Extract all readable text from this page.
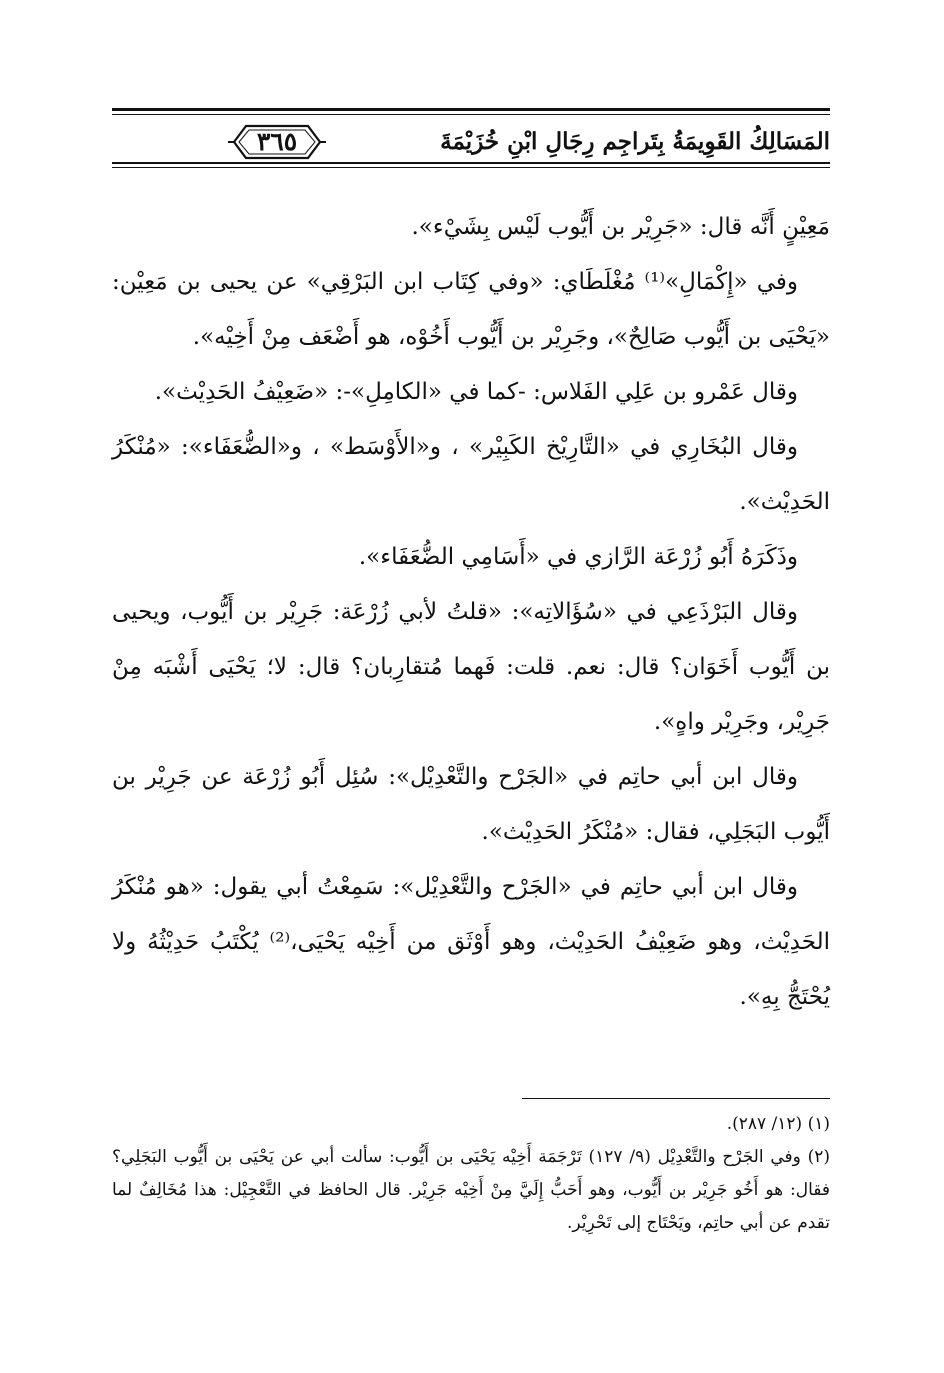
المَسَالِكُ القَوِيمَةُ بِتَراجِم رِجَالِ ابْنِ خُزَيْمَةَ
٣٦٥

مَعِيْنٍ أَنَّه قال: «جَرِيْر بن أَيُّوب لَيْس بِشَيْء».

وفي «إِكْمَالِ»⁽¹⁾ مُغْلَطَاي: «وفي كِتَاب ابن البَرْقِي» عن يحيى بن مَعِيْن: «يَحْيَى بن أَيُّوب صَالِحٌ»، وجَرِيْر بن أَيُّوب أَخُوْه، هو أَضْعَف مِنْ أَخِيْه».

وقال عَمْرو بن عَلِي الفَلاس: -كما في «الكامِلِ»-: «ضَعِيْفُ الحَدِيْث».

وقال البُخَارِي في «التَّارِيْخ الكَبِيْر» ، و«الأَوْسَط» ، و«الضُّعَفَاء»: «مُنْكَرُ الحَدِيْث».

وذَكَرَهُ أَبُو زُرْعَة الرَّازي في «أَسَامِي الضُّعَفَاء».

وقال البَرْذَعِي في «سُؤَالاتِه»: «قلتُ لأبي زُرْعَة: جَرِيْر بن أَيُّوب، ويحيى بن أَيُّوب أَخَوَان؟ قال: نعم. قلت: فَهما مُتقارِبان؟ قال: لا؛ يَحْيَى أَشْبَه مِنْ جَرِيْر، وجَرِيْر واهٍ».

وقال ابن أبي حاتِم في «الجَرْح والتَّعْدِيْل»: سُئِل أَبُو زُرْعَة عن جَرِيْر بن أَيُّوب البَجَلِي، فقال: «مُنْكَرُ الحَدِيْث».

وقال ابن أبي حاتِم في «الجَرْح والتَّعْدِيْل»: سَمِعْتُ أبي يقول: «هو مُنْكَرُ الحَدِيْث، وهو ضَعِيْفُ الحَدِيْث، وهو أَوْثَق من أَخِيْه يَحْيَى،⁽²⁾ يُكْتَبُ حَدِيْثُهُ ولا يُحْتَجُّ بِهِ».

(١) (١٢/ ٢٨٧).

(٢) وفي الجَرْح والتَّعْدِيْل (٩/ ١٢٧) تَرْجَمَة أَخِيْه يَحْيَى بن أَيُّوب: سألت أبي عن يَحْيَى بن أَيُّوب البَجَلِي؟ فقال: هو أَخُو جَرِيْر بن أَيُّوب، وهو أَحَبُّ إِلَيَّ مِنْ أَخِيْه جَرِيْر. قال الحافظ في التَّعْجِيْل: هذا مُخَالِفٌ لما تقدم عن أبي حاتِم، ويَحْتَاج إلى تَحْرِيْر.
